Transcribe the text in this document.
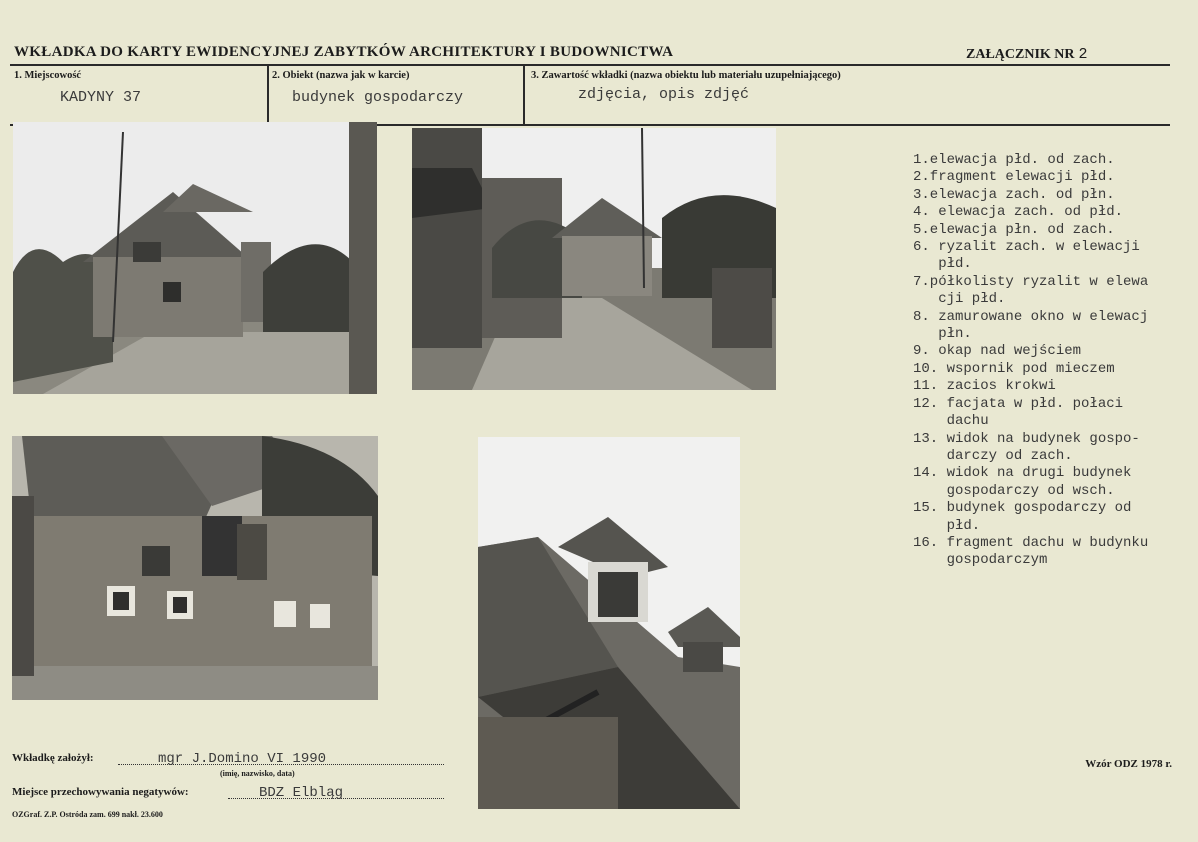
WKŁADKA DO KARTY EWIDENCYJNEJ ZABYTKÓW ARCHITEKTURY I BUDOWNICTWA	ZAŁĄCZNIK NR 2
1. Miejscowość
KADYNY 37
2. Obiekt (nazwa jak w karcie)
budynek gospodarczy
3. Zawartość wkładki (nazwa obiektu lub materiału uzupełniającego)
zdjęcia, opis zdjęć
1.elewacja płd. od zach.
2.fragment elewacji płd.
3.elewacja zach. od płn.
4. elewacja zach. od płd.
5.elewacja płn. od zach.
6. ryzalit zach. w elewacji
płd.
7.półkolisty ryzalit w elewa
cji płd.
8. zamurowane okno w elewacj
płn.
9. okap nad wejściem
10. wspornik pod mieczem
11. zacios krokwi
12. facjata w płd. połaci
dachu
13. widok na budynek gospo-
darczy od zach.
14. widok na drugi budynek
gospodarczy od wsch.
15. budynek gospodarczy od
płd.
16. fragment dachu w budynku
gospodarczym
Wkładkę założył:	mgr J.Domino VI 1990
(imię, nazwisko, data)
Miejsce przechowywania negatywów:	BDZ Elbląg
Wzór ODZ 1978 r.
OZGraf. Z.P. Ostróda zam. 699 nakł. 23.600
